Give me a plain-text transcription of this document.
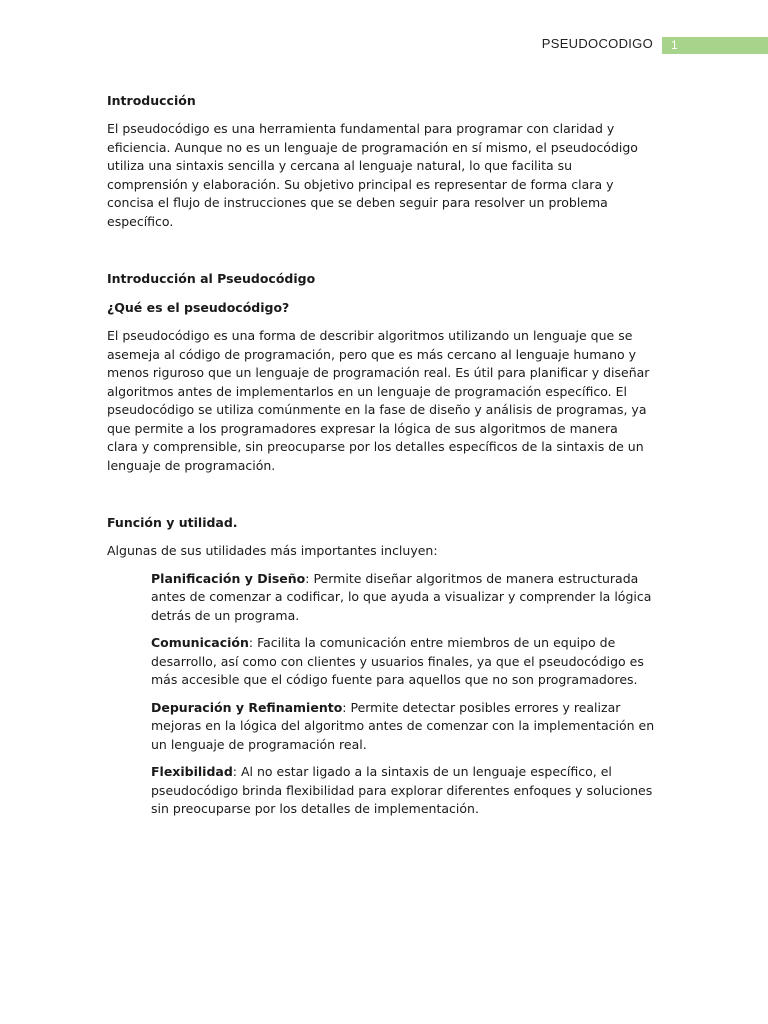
PSEUDOCODIGO 1

Introducción

El pseudocódigo es una herramienta fundamental para programar con claridad y eficiencia. Aunque no es un lenguaje de programación en sí mismo, el pseudocódigo utiliza una sintaxis sencilla y cercana al lenguaje natural, lo que facilita su comprensión y elaboración. Su objetivo principal es representar de forma clara y concisa el flujo de instrucciones que se deben seguir para resolver un problema específico.

Introducción al Pseudocódigo

¿Qué es el pseudocódigo?

El pseudocódigo es una forma de describir algoritmos utilizando un lenguaje que se asemeja al código de programación, pero que es más cercano al lenguaje humano y menos riguroso que un lenguaje de programación real. Es útil para planificar y diseñar algoritmos antes de implementarlos en un lenguaje de programación específico. El pseudocódigo se utiliza comúnmente en la fase de diseño y análisis de programas, ya que permite a los programadores expresar la lógica de sus algoritmos de manera clara y comprensible, sin preocuparse por los detalles específicos de la sintaxis de un lenguaje de programación.

Función y utilidad.

Algunas de sus utilidades más importantes incluyen:

Planificación y Diseño: Permite diseñar algoritmos de manera estructurada antes de comenzar a codificar, lo que ayuda a visualizar y comprender la lógica detrás de un programa.

Comunicación: Facilita la comunicación entre miembros de un equipo de desarrollo, así como con clientes y usuarios finales, ya que el pseudocódigo es más accesible que el código fuente para aquellos que no son programadores.

Depuración y Refinamiento: Permite detectar posibles errores y realizar mejoras en la lógica del algoritmo antes de comenzar con la implementación en un lenguaje de programación real.

Flexibilidad: Al no estar ligado a la sintaxis de un lenguaje específico, el pseudocódigo brinda flexibilidad para explorar diferentes enfoques y soluciones sin preocuparse por los detalles de implementación.
